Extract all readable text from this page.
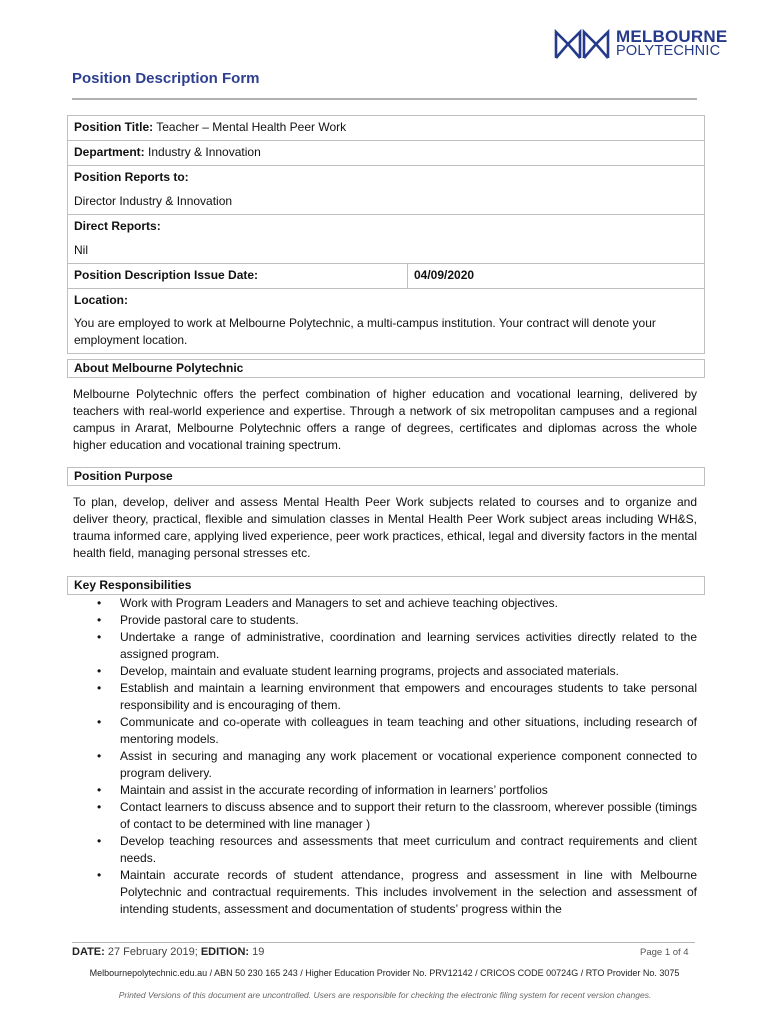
MELBOURNE
POLYTECHNIC
Position Description Form
Position Title: Teacher – Mental Health Peer Work
Department: Industry & Innovation

Position Reports to:
Director Industry & Innovation

Direct Reports:
Nil

Position Description Issue Date:	04/09/2020

Location:
You are employed to work at Melbourne Polytechnic, a multi-campus institution. Your contract will denote your employment location.
About Melbourne Polytechnic
Melbourne Polytechnic offers the perfect combination of higher education and vocational learning, delivered by teachers with real-world experience and expertise. Through a network of six metropolitan campuses and a regional campus in Ararat, Melbourne Polytechnic offers a range of degrees, certificates and diplomas across the whole higher education and vocational training spectrum.
Position Purpose
To plan, develop, deliver and assess Mental Health Peer Work subjects related to courses and to organize and deliver theory, practical, flexible and simulation classes in Mental Health Peer Work subject areas including WH&S, trauma informed care, applying lived experience, peer work practices, ethical, legal and diversity factors in the mental health field, managing personal stresses etc.
Key Responsibilities
• Work with Program Leaders and Managers to set and achieve teaching objectives.
• Provide pastoral care to students.
• Undertake a range of administrative, coordination and learning services activities directly related to the assigned program.
• Develop, maintain and evaluate student learning programs, projects and associated materials.
• Establish and maintain a learning environment that empowers and encourages students to take personal responsibility and is encouraging of them.
• Communicate and co-operate with colleagues in team teaching and other situations, including research of mentoring models.
• Assist in securing and managing any work placement or vocational experience component connected to program delivery.
• Maintain and assist in the accurate recording of information in learners’ portfolios
• Contact learners to discuss absence and to support their return to the classroom, wherever possible (timings of contact to be determined with line manager )
• Develop teaching resources and assessments that meet curriculum and contract requirements and client needs.
• Maintain accurate records of student attendance, progress and assessment in line with Melbourne Polytechnic and contractual requirements. This includes involvement in the selection and assessment of intending students, assessment and documentation of students’ progress within the
DATE: 27 February 2019; EDITION: 19	Page 1 of 4
Melbournepolytechnic.edu.au / ABN 50 230 165 243 / Higher Education Provider No. PRV12142 / CRICOS CODE 00724G / RTO Provider No. 3075
Printed Versions of this document are uncontrolled. Users are responsible for checking the electronic filing system for recent version changes.
